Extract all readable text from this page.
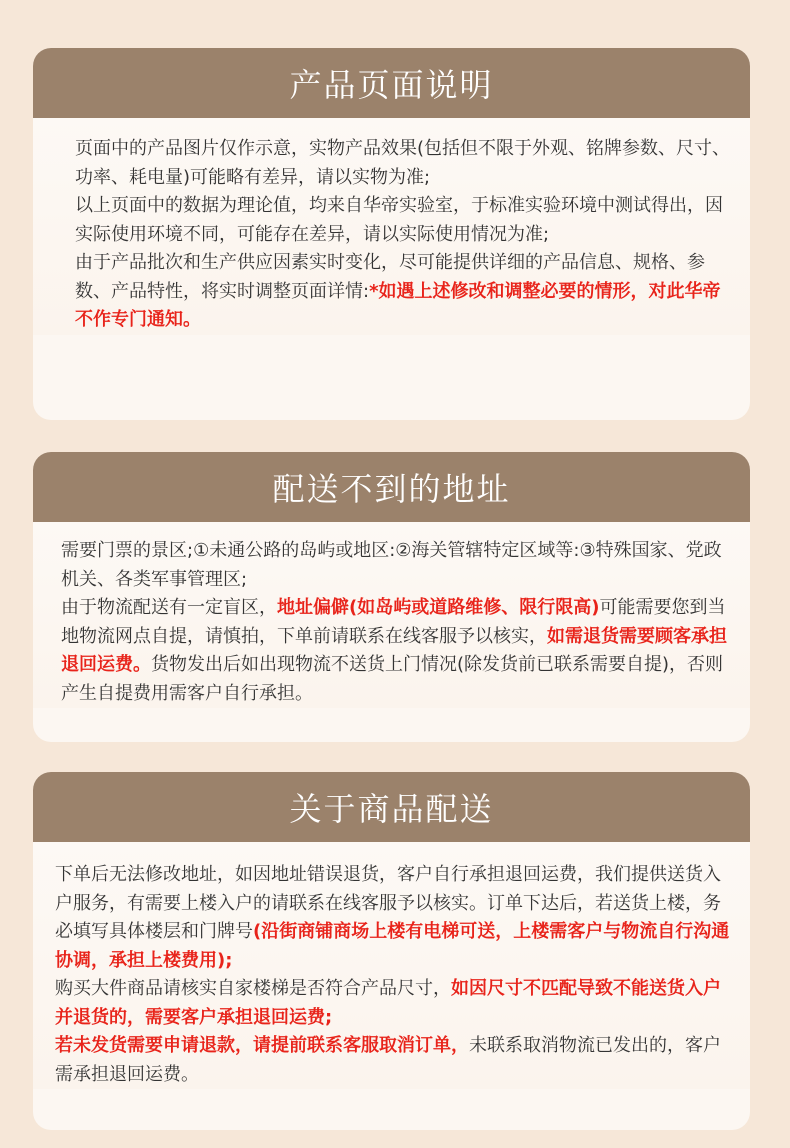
产品页面说明

页面中的产品图片仅作示意，实物产品效果(包括但不限于外观、铭牌参数、尺寸、功率、耗电量)可能略有差异，请以实物为准;

以上页面中的数据为理论值，均来自华帝实验室，于标准实验环境中测试得出，因实际使用环境不同，可能存在差异，请以实际使用情况为准;

由于产品批次和生产供应因素实时变化，尽可能提供详细的产品信息、规格、参数、产品特性，将实时调整页面详情:*如遇上述修改和调整必要的情形，对此华帝不作专门通知。

配送不到的地址

需要门票的景区;①未通公路的岛屿或地区:②海关管辖特定区域等:③特殊国家、党政机关、各类军事管理区;

由于物流配送有一定盲区，地址偏僻(如岛屿或道路维修、限行限高)可能需要您到当地物流网点自提，请慎拍，下单前请联系在线客服予以核实，如需退货需要顾客承担退回运费。货物发出后如出现物流不送货上门情况(除发货前已联系需要自提)，否则产生自提费用需客户自行承担。

关于商品配送

下单后无法修改地址，如因地址错误退货，客户自行承担退回运费，我们提供送货入户服务，有需要上楼入户的请联系在线客服予以核实。订单下达后，若送货上楼，务必填写具体楼层和门牌号(沿街商铺商场上楼有电梯可送，上楼需客户与物流自行沟通协调，承担上楼费用);

购买大件商品请核实自家楼梯是否符合产品尺寸，如因尺寸不匹配导致不能送货入户并退货的，需要客户承担退回运费;

若未发货需要申请退款，请提前联系客服取消订单，未联系取消物流已发出的，客户需承担退回运费。
